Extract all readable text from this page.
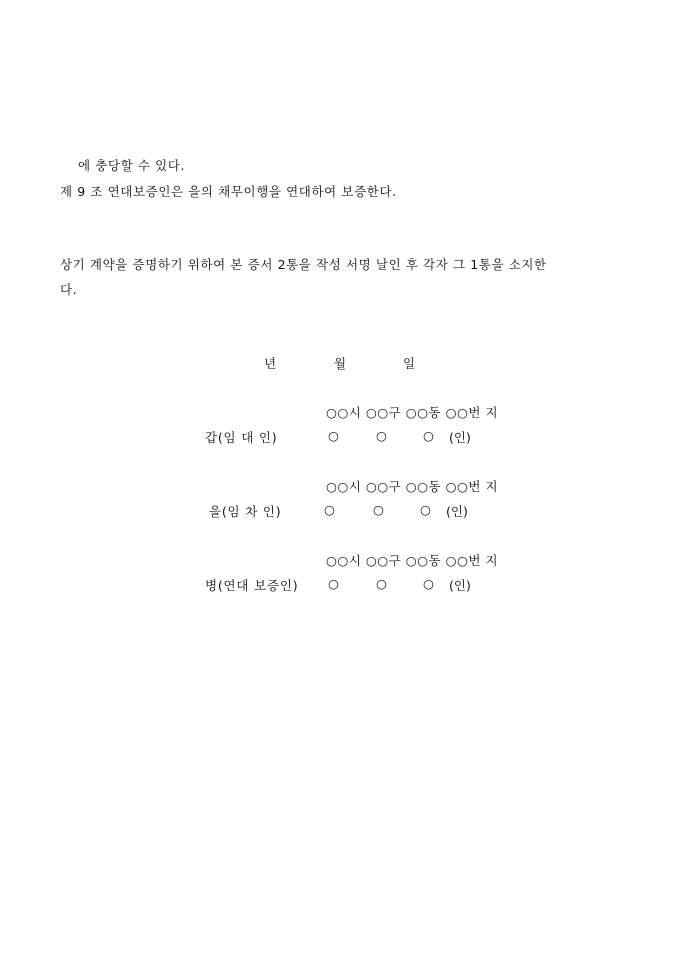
에 충당할 수 있다.
제 9 조 연대보증인은 을의 채무이행을 연대하여 보증한다.
상기 계약을 증명하기 위하여 본 증서 2통을 작성 서명 날인 후 각자 그 1통을 소지한
다.
년	월	일
○○시 ○○구 ○○동 ○○번 지
갑(임 대 인)	○	○	○ (인)
○○시 ○○구 ○○동 ○○번 지
을(임 차 인)	○	○	○ (인)
○○시 ○○구 ○○동 ○○번 지
병(연대 보증인) ○	○	○ (인)
